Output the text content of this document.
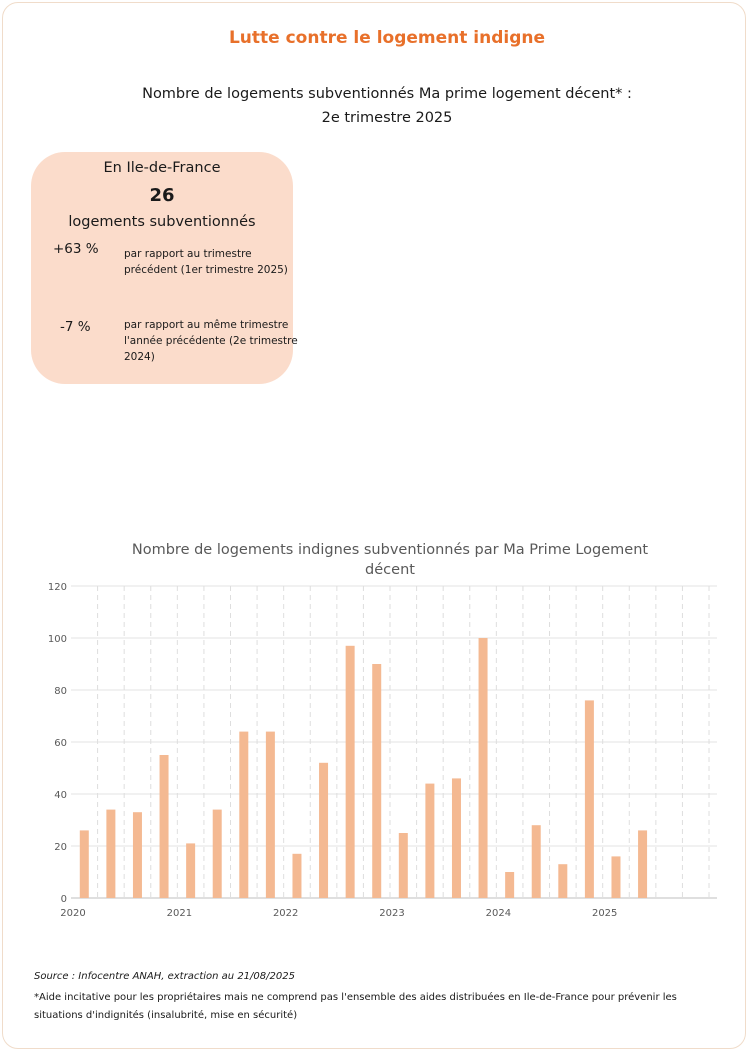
Lutte contre le logement indigne
Nombre de logements subventionnés Ma prime logement décent* :
2e trimestre 2025
En Ile-de-France
26
logements subventionnés
+63 % par rapport au trimestre précédent (1er trimestre 2025)
-7 %	par rapport au même trimestre l'année précédente (2e trimestre 2024)
Nombre de logements indignes subventionnés par Ma Prime Logement décent
0
20
40
60
80
100
120
2020	2021	2022	2023	2024	2025
Source : Infocentre ANAH, extraction au 21/08/2025
*Aide incitative pour les propriétaires mais ne comprend pas l'ensemble des aides distribuées en Ile-de-France pour prévenir les situations d'indignités (insalubrité, mise en sécurité)
